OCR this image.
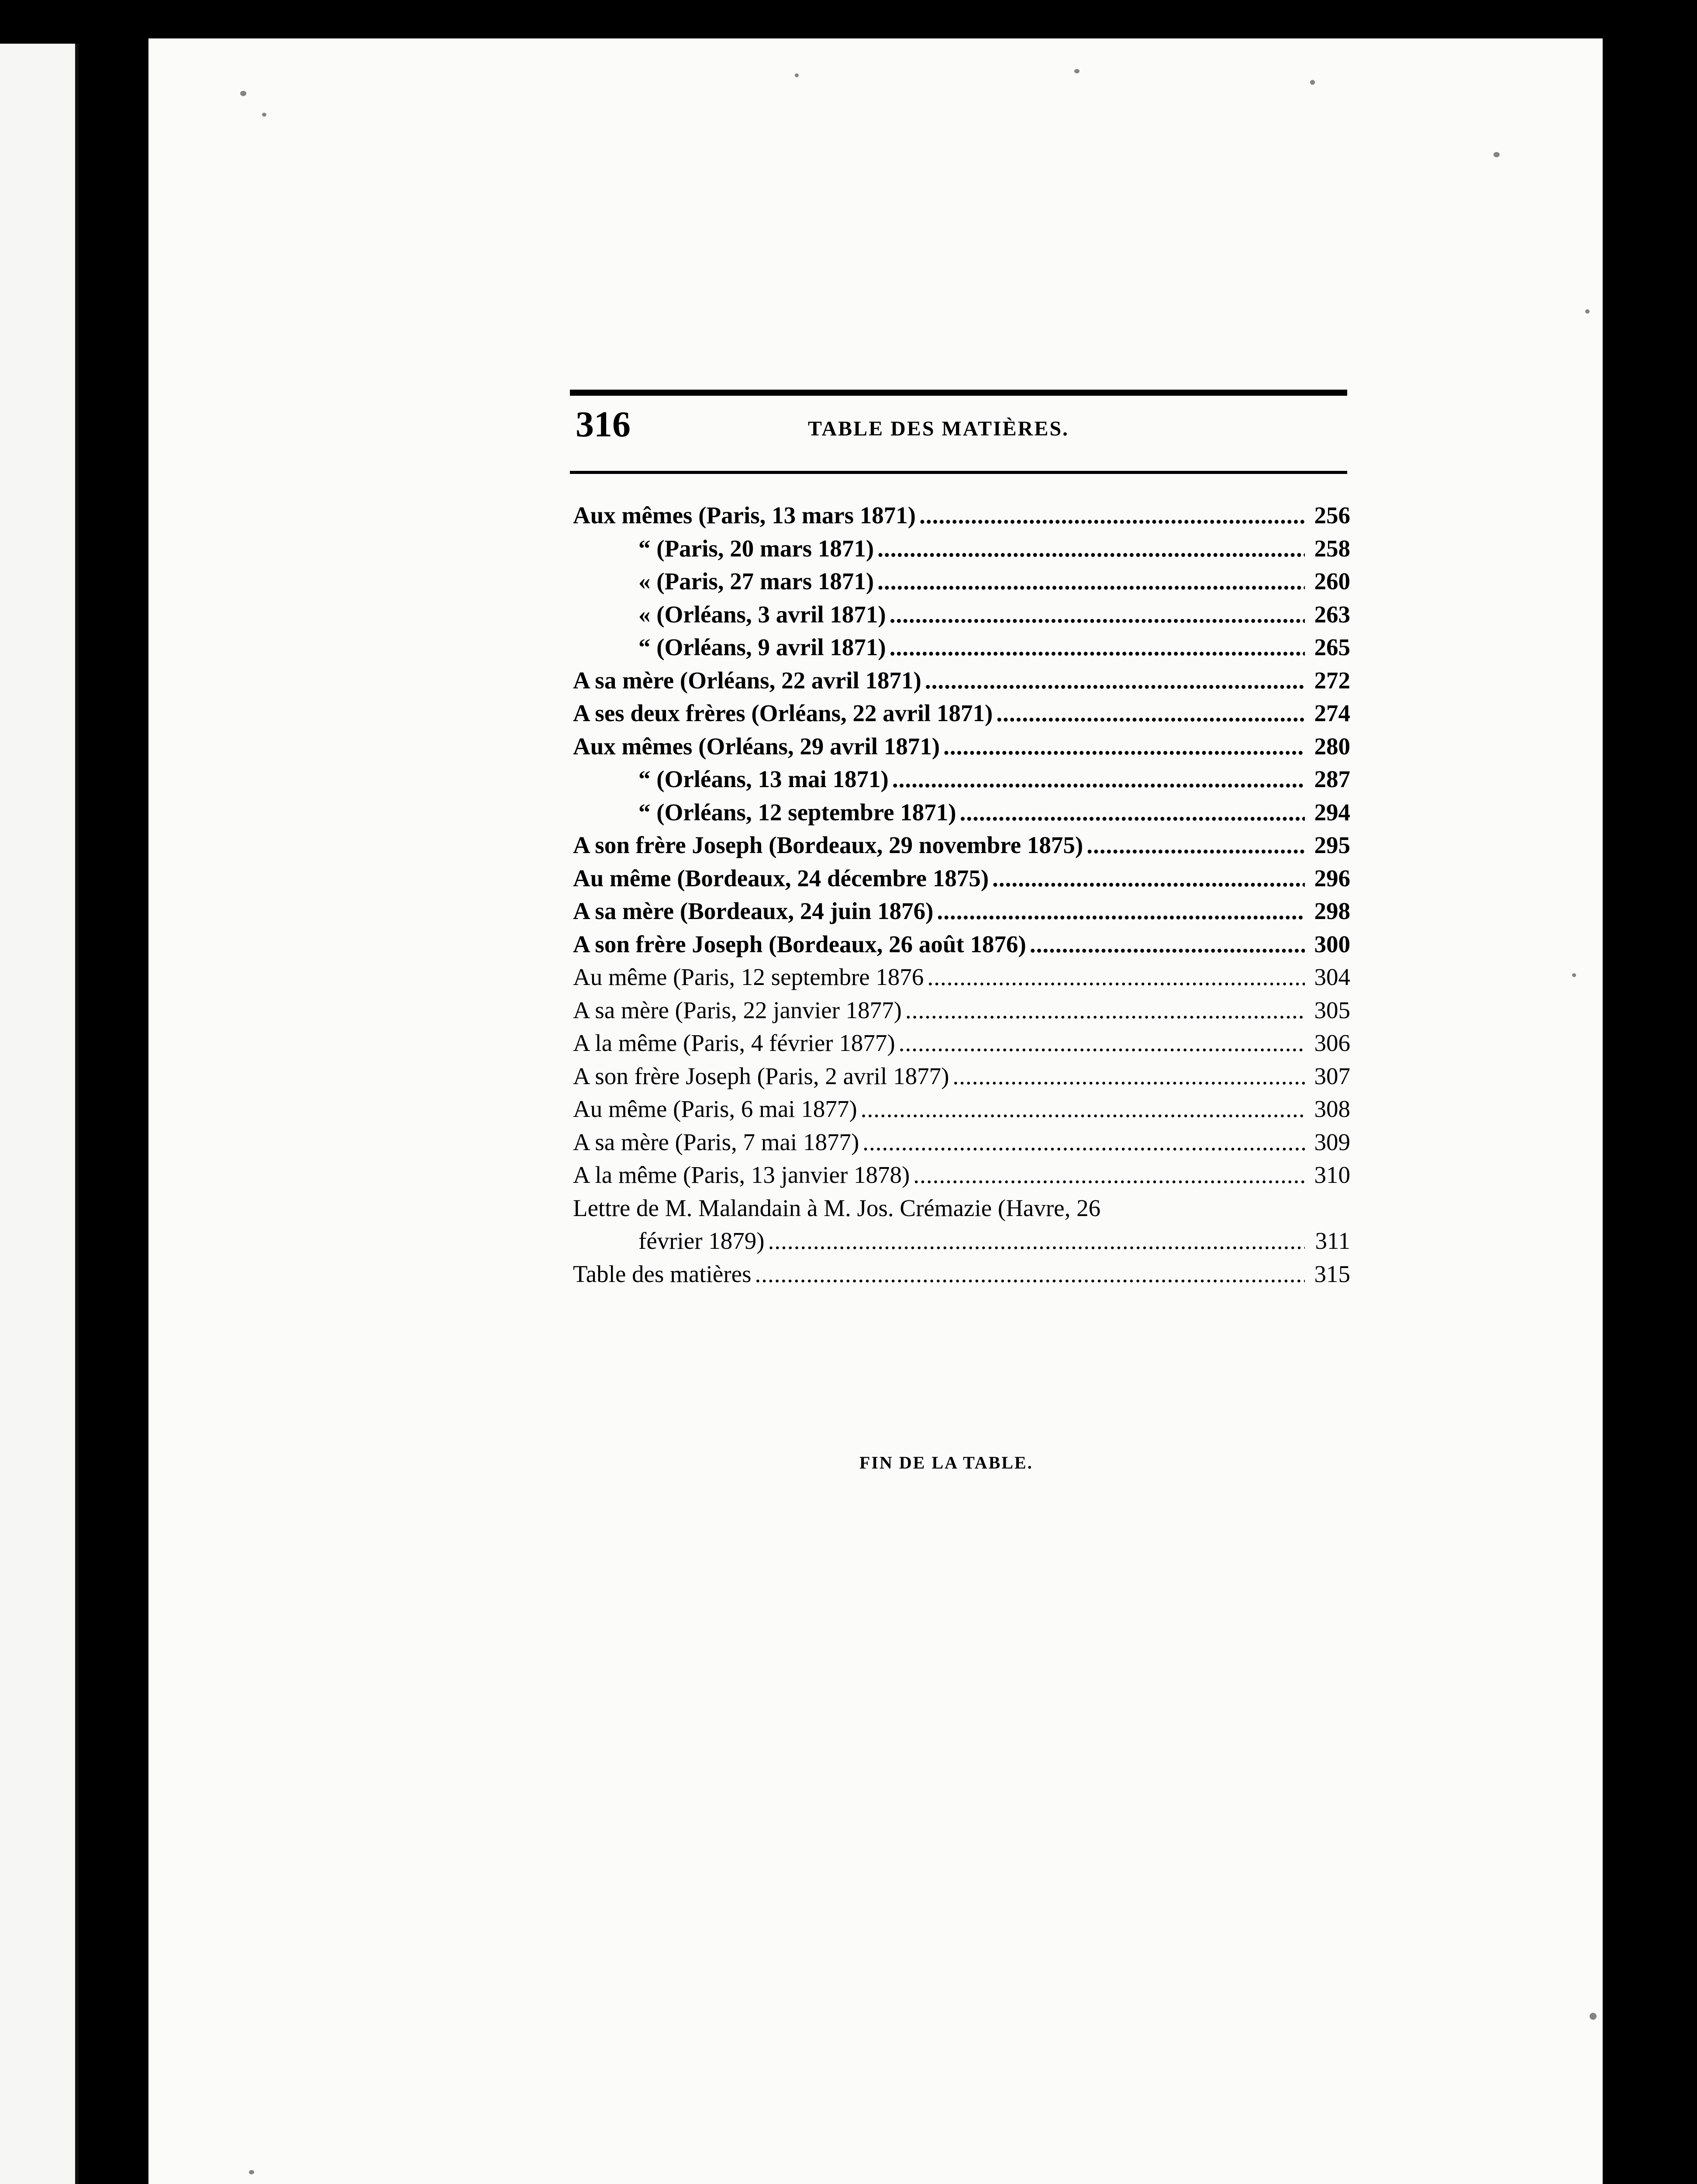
316	TABLE DES MATIÈRES.

Aux mêmes (Paris, 13 mars 1871) .....	256
“ (Paris, 20 mars 1871) .....	258
« (Paris, 27 mars 1871) .....	260
« (Orléans, 3 avril 1871) .....	263
“ (Orléans, 9 avril 1871) .....	265
A sa mère (Orléans, 22 avril 1871) .....	272
A ses deux frères (Orléans, 22 avril 1871) .....	274
Aux mêmes (Orléans, 29 avril 1871) .....	280
“ (Orléans, 13 mai 1871) .....	287
“ (Orléans, 12 septembre 1871) .....	294
A son frère Joseph (Bordeaux, 29 novembre 1875) .....	295
Au même (Bordeaux, 24 décembre 1875) .....	296
A sa mère (Bordeaux, 24 juin 1876) .....	298
A son frère Joseph (Bordeaux, 26 août 1876) .....	300
Au même (Paris, 12 septembre 1876 .....	304
A sa mère (Paris, 22 janvier 1877) .....	305
A la même (Paris, 4 février 1877) .....	306
A son frère Joseph (Paris, 2 avril 1877) .....	307
Au même (Paris, 6 mai 1877) .....	308
A sa mère (Paris, 7 mai 1877) .....	309
A la même (Paris, 13 janvier 1878) .....	310
Lettre de M. Malandain à M. Jos. Crémazie (Havre, 26
février 1879) .....	311
Table des matières .....	315

FIN DE LA TABLE.
